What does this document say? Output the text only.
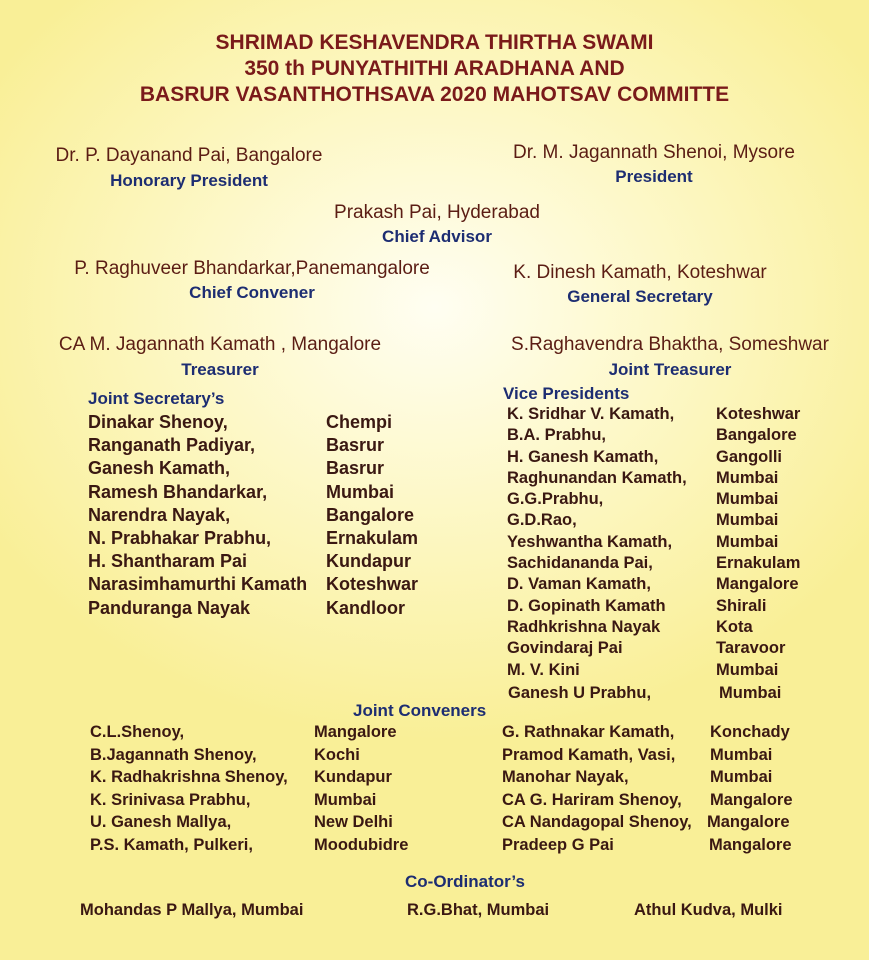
SHRIMAD KESHAVENDRA THIRTHA SWAMI
350 th PUNYATHITHI ARADHANA AND
BASRUR VASANTHOTHSAVA 2020 MAHOTSAV COMMITTE
Dr. P. Dayanand Pai, Bangalore
Honorary President
Dr. M. Jagannath Shenoi, Mysore
President
Prakash Pai, Hyderabad
Chief Advisor
P. Raghuveer Bhandarkar,Panemangalore
Chief Convener
K. Dinesh Kamath, Koteshwar
General Secretary
CA M. Jagannath Kamath , Mangalore
Treasurer
S.Raghavendra Bhaktha, Someshwar
Joint Treasurer
Joint Secretary’s
Dinakar Shenoy,	Chempi
Ranganath Padiyar,	Basrur
Ganesh Kamath,	Basrur
Ramesh Bhandarkar,	Mumbai
Narendra Nayak,	Bangalore
N. Prabhakar Prabhu,	Ernakulam
H. Shantharam Pai	Kundapur
Narasimhamurthi Kamath Koteshwar
Panduranga Nayak	Kandloor
Vice Presidents
K. Sridhar V. Kamath,	Koteshwar
B.A. Prabhu,	Bangalore
H. Ganesh Kamath,	Gangolli
Raghunandan Kamath, Mumbai
G.G.Prabhu,	Mumbai
G.D.Rao,	Mumbai
Yeshwantha Kamath,	Mumbai
Sachidananda Pai,	Ernakulam
D. Vaman Kamath,	Mangalore
D. Gopinath Kamath	Shirali
Radhkrishna Nayak	Kota
Govindaraj Pai	Taravoor
M. V. Kini	Mumbai
Ganesh U Prabhu,	Mumbai
Joint Conveners
C.L.Shenoy,	Mangalore
B.Jagannath Shenoy,	Kochi
K. Radhakrishna Shenoy, Kundapur
K. Srinivasa Prabhu,	Mumbai
U. Ganesh Mallya,	New Delhi
P.S. Kamath, Pulkeri,	Moodubidre
G. Rathnakar Kamath, Konchady
Pramod Kamath, Vasi, Mumbai
Manohar Nayak,	Mumbai
CA G. Hariram Shenoy, Mangalore
CA Nandagopal Shenoy, Mangalore
Pradeep G Pai	Mangalore
Co-Ordinator’s
Mohandas P Mallya, Mumbai	R.G.Bhat, Mumbai	Athul Kudva, Mulki
